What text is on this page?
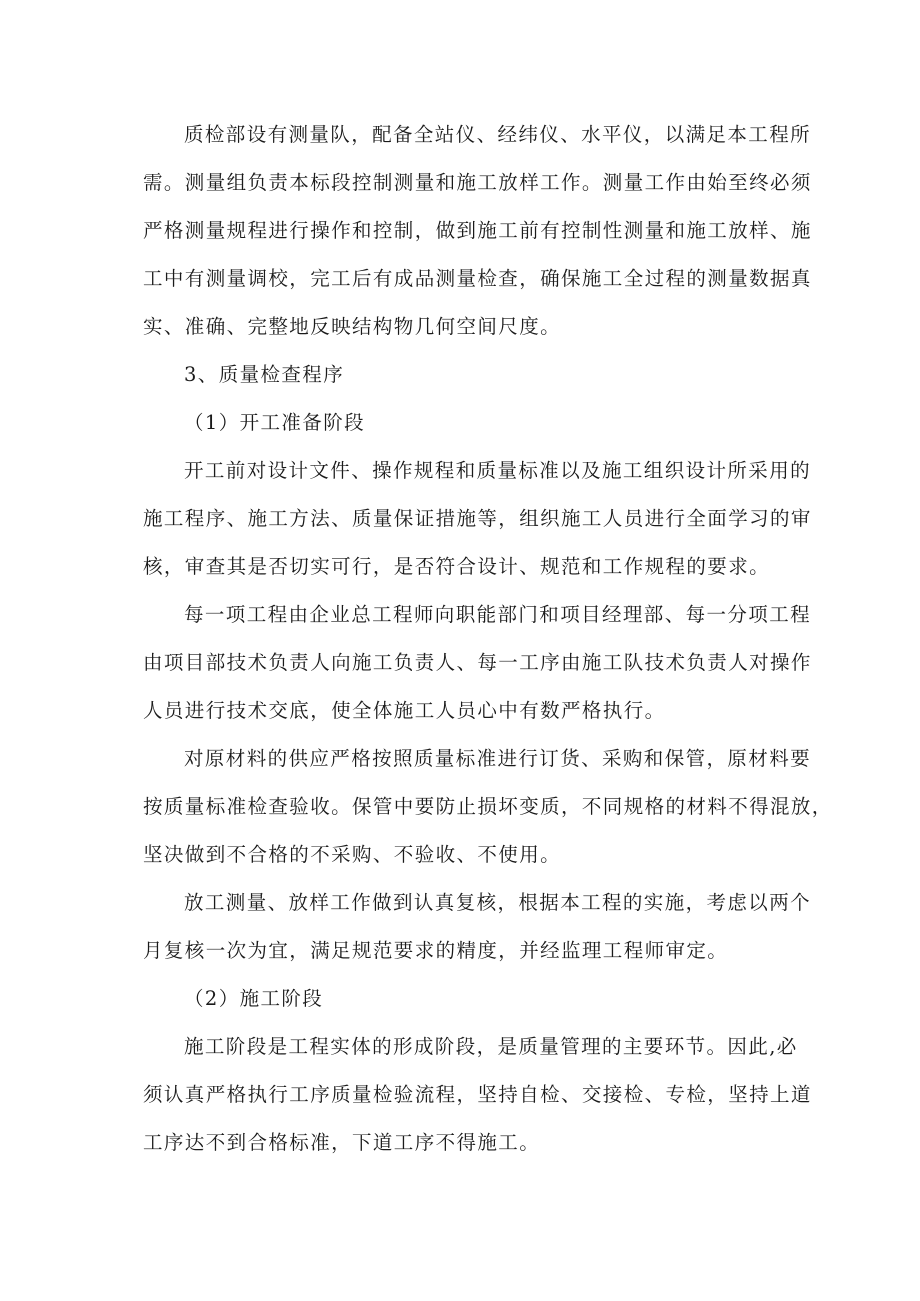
质检部设有测量队，配备全站仪、经纬仪、水平仪，以满足本工程所
需。测量组负责本标段控制测量和施工放样工作。测量工作由始至终必须
严格测量规程进行操作和控制，做到施工前有控制性测量和施工放样、施
工中有测量调校，完工后有成品测量检查，确保施工全过程的测量数据真
实、准确、完整地反映结构物几何空间尺度。
3、质量检查程序
（1）开工准备阶段
开工前对设计文件、操作规程和质量标准以及施工组织设计所采用的
施工程序、施工方法、质量保证措施等，组织施工人员进行全面学习的审
核，审查其是否切实可行，是否符合设计、规范和工作规程的要求。
每一项工程由企业总工程师向职能部门和项目经理部、每一分项工程
由项目部技术负责人向施工负责人、每一工序由施工队技术负责人对操作
人员进行技术交底，使全体施工人员心中有数严格执行。
对原材料的供应严格按照质量标准进行订货、采购和保管，原材料要
按质量标准检查验收。保管中要防止损坏变质，不同规格的材料不得混放，
坚决做到不合格的不采购、不验收、不使用。
放工测量、放样工作做到认真复核，根据本工程的实施，考虑以两个
月复核一次为宜，满足规范要求的精度，并经监理工程师审定。
（2）施工阶段
施工阶段是工程实体的形成阶段，是质量管理的主要环节。因此,必
须认真严格执行工序质量检验流程，坚持自检、交接检、专检，坚持上道
工序达不到合格标准，下道工序不得施工。
